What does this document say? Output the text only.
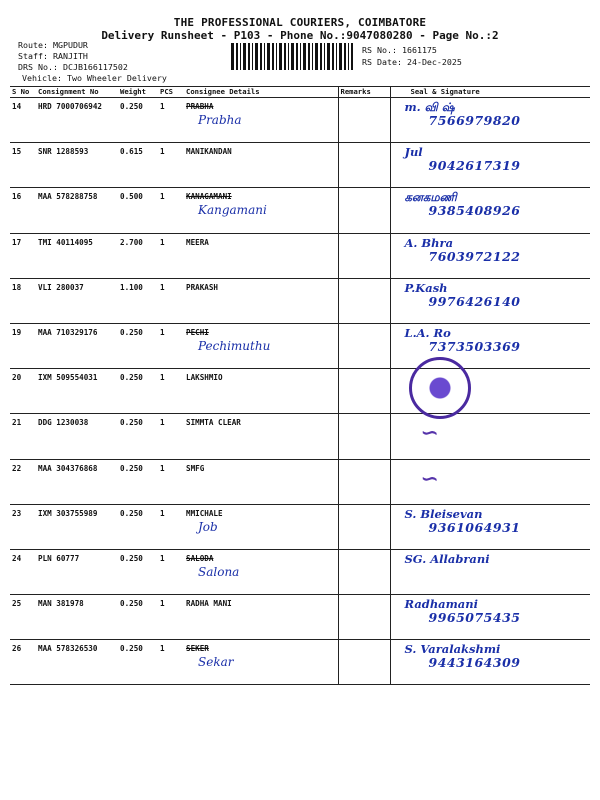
THE PROFESSIONAL COURIERS, COIMBATORE
Delivery Runsheet - P103 - Phone No.:9047080280 - Page No.:2
Route: MGPUDUR
Staff: RANJITH
DRS No.: DCJB166117502
Vehicle: Two Wheeler Delivery
RS No.: 1661175
RS Date: 24-Dec-2025
S No	Consignment No	Weight	PCS	Consignee Details	Remarks	Seal & Signature
14	HRD 7000706942	0.250	1	PRABHA
Prabha		m. வி ஷ்
7566979820

15	SNR 1288593	0.615	1	MANIKANDAN		Jul
9042617319

16	MAA 578288758	0.500	1	KANAGAMANI
Kangamani		கனகமணி
9385408926

17	TMI 40114095	2.700	1	MEERA		A. Bhra
7603972122

18	VLI 280037	1.100	1	PRAKASH		P.Kash
9976426140

19	MAA 710329176	0.250	1	PECHI
Pechimuthu		L.A. Ro
7373503369

20	IXM 509554031	0.250	1	LAKSHMIO		

21	DDG 1230038	0.250	1	SIMMTA CLEAR		∽

22	MAA 304376868	0.250	1	SMFG		∽

23	IXM 303755989	0.250	1	MMICHALE
Job		S. Bleisevan
9361064931

24	PLN 60777	0.250	1	SALODA
Salona		SG. Allabrani

25	MAN 381978	0.250	1	RADHA MANI		Radhamani
9965075435

26	MAA 578326530	0.250	1	SEKER
Sekar		S. Varalakshmi
9443164309
